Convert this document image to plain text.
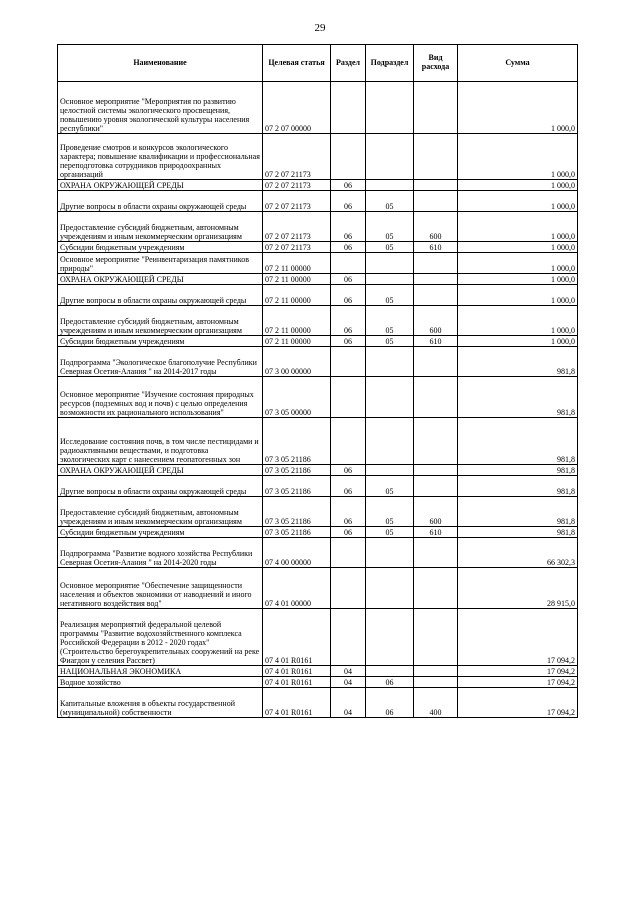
29
Наименование	Целевая статья	Раздел	Подраздел	Вид расхода	Сумма
Основное мероприятие "Мероприятия по развитию целостной системы экологического просвещения, повышению уровня экологической культуры населения республики"	07 2 07 00000				1 000,0
Проведение смотров и конкурсов экологического характера; повышение квалификации и профессиональная переподготовка сотрудников природоохранных организаций	07 2 07 21173				1 000,0
ОХРАНА ОКРУЖАЮЩЕЙ СРЕДЫ	07 2 07 21173	06			1 000,0
Другие вопросы в области охраны окружающей среды	07 2 07 21173	06	05		1 000,0
Предоставление субсидий бюджетным, автономным учреждениям и иным некоммерческим организациям	07 2 07 21173	06	05	600	1 000,0
Субсидии бюджетным учреждениям	07 2 07 21173	06	05	610	1 000,0
Основное мероприятие "Реинвентаризация памятников природы"	07 2 11 00000				1 000,0
ОХРАНА ОКРУЖАЮЩЕЙ СРЕДЫ	07 2 11 00000	06			1 000,0
Другие вопросы в области охраны окружающей среды	07 2 11 00000	06	05		1 000,0
Предоставление субсидий бюджетным, автономным учреждениям и иным некоммерческим организациям	07 2 11 00000	06	05	600	1 000,0
Субсидии бюджетным учреждениям	07 2 11 00000	06	05	610	1 000,0
Подпрограмма "Экологическое благополучие Республики Северная Осетия-Алания " на 2014-2017 годы	07 3 00 00000				981,8
Основное мероприятие "Изучение состояния природных ресурсов (подземных вод и почв) с целью определения возможности их рационального использования"	07 3 05 00000				981,8
Исследование состояния почв, в том числе пестицидами и радиоактивными веществами, и подготовка экологических карт с нанесением геопатогенных зон	07 3 05 21186				981,8
ОХРАНА ОКРУЖАЮЩЕЙ СРЕДЫ	07 3 05 21186	06			981,8
Другие вопросы в области охраны окружающей среды	07 3 05 21186	06	05		981,8
Предоставление субсидий бюджетным, автономным учреждениям и иным некоммерческим организациям	07 3 05 21186	06	05	600	981,8
Субсидии бюджетным учреждениям	07 3 05 21186	06	05	610	981,8
Подпрограмма "Развитие водного хозяйства Республики Северная Осетия-Алания " на 2014-2020 годы	07 4 00 00000				66 302,3
Основное мероприятие "Обеспечение защищенности населения и объектов экономики от наводнений и иного негативного воздействия вод"	07 4 01 00000				28 915,0
Реализация мероприятий федеральной целевой программы "Развитие водохозяйственного комплекса Российской Федерации в 2012 - 2020 годах" (Строительство берегоукрепительных сооружений на реке Фиагдон у селения Рассвет)	07 4 01 R0161				17 094,2
НАЦИОНАЛЬНАЯ ЭКОНОМИКА	07 4 01 R0161	04			17 094,2
Водное хозяйство	07 4 01 R0161	04	06		17 094,2
Капитальные вложения в объекты государственной (муниципальной) собственности	07 4 01 R0161	04	06	400	17 094,2
